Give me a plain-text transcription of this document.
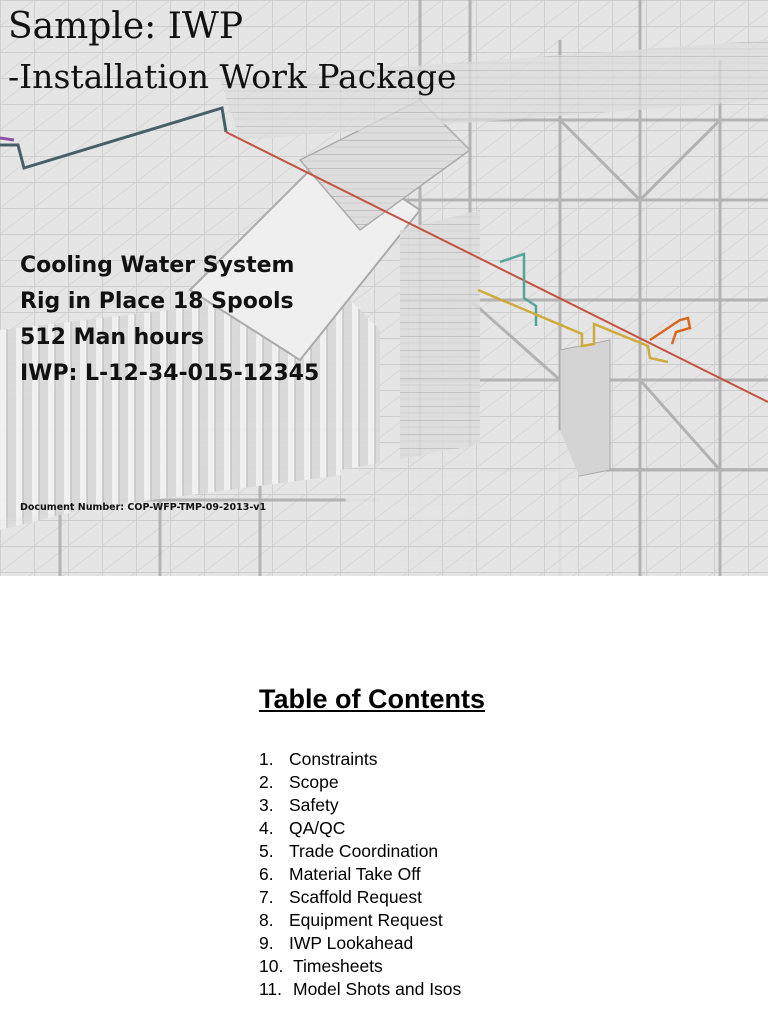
Sample: IWP
-Installation Work Package
Cooling Water System
Rig in Place 18 Spools
512 Man hours
IWP: L-12-34-015-12345
Document Number: COP-WFP-TMP-09-2013-v1
Table of Contents
1. Constraints
2. Scope
3. Safety
4. QA/QC
5. Trade Coordination
6. Material Take Off
7. Scaffold Request
8. Equipment Request
9. IWP Lookahead
10. Timesheets
11. Model Shots and Isos
